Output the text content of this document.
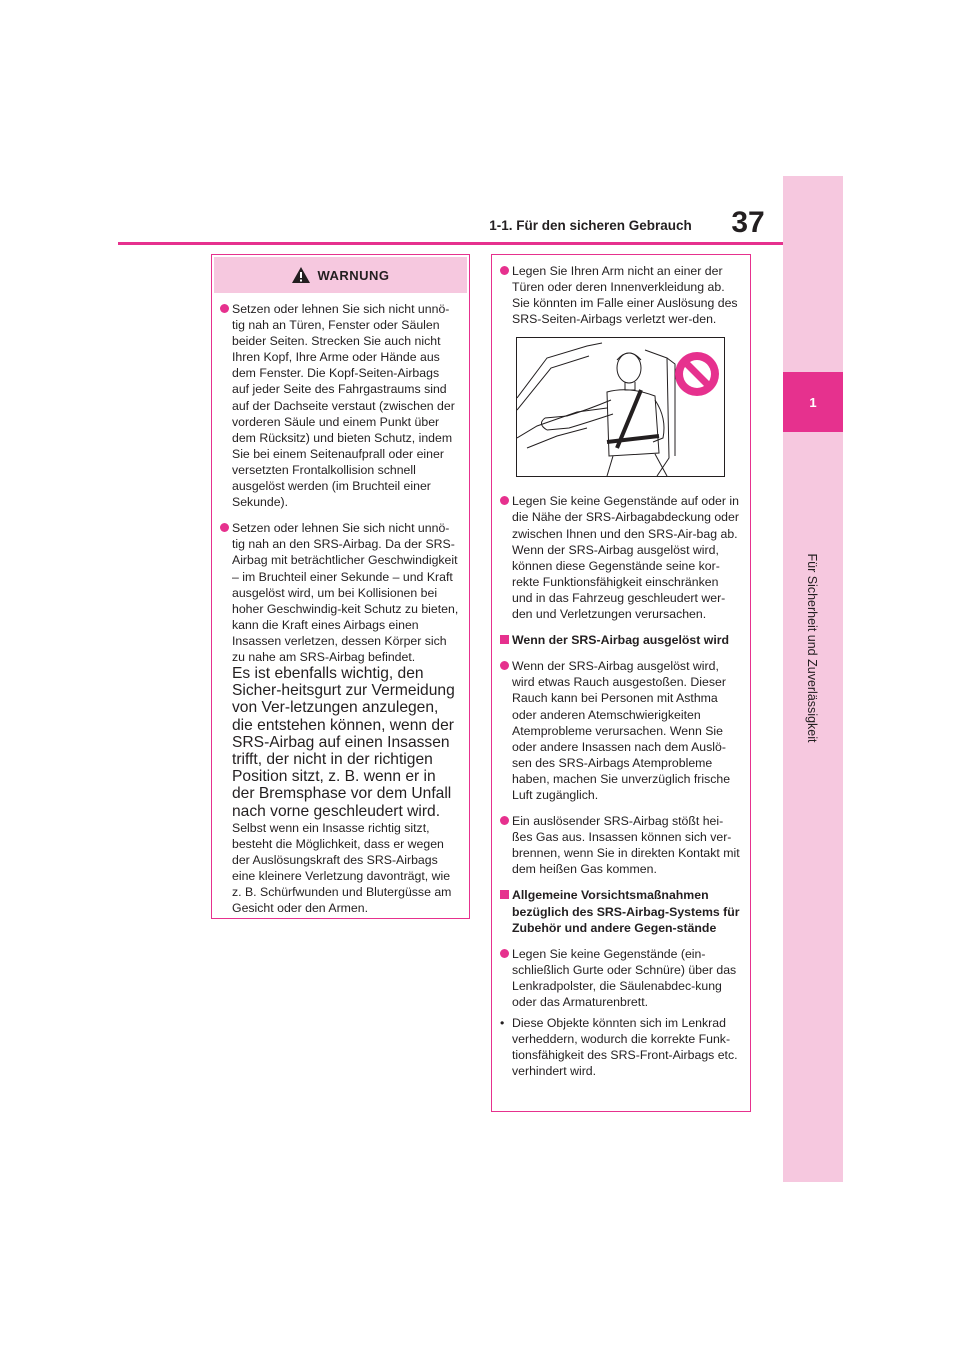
1-1. Für den sicheren Gebrauch	37
1
Für Sicherheit und Zuverlässigkeit
WARNUNG

Setzen oder lehnen Sie sich nicht unnö-tig nah an Türen, Fenster oder Säulen beider Seiten. Strecken Sie auch nicht Ihren Kopf, Ihre Arme oder Hände aus dem Fenster. Die Kopf-Seiten-Airbags auf jeder Seite des Fahrgastraums sind auf der Dachseite verstaut (zwischen der vorderen Säule und einem Punkt über dem Rücksitz) und bieten Schutz, indem Sie bei einem Seitenaufprall oder einer versetzten Frontalkollision schnell ausgelöst werden (im Bruchteil einer Sekunde).

Setzen oder lehnen Sie sich nicht unnö-tig nah an den SRS-Airbag. Da der SRS-Airbag mit beträchtlicher Geschwindigkeit – im Bruchteil einer Sekunde – und Kraft ausgelöst wird, um bei Kollisionen bei hoher Geschwindig-keit Schutz zu bieten, kann die Kraft eines Airbags einen Insassen verletzen, dessen Körper sich zu nahe am SRS-Airbag befindet.

Es ist ebenfalls wichtig, den Sicher-heitsgurt zur Vermeidung von Ver-letzungen anzulegen, die entstehen können, wenn der SRS-Airbag auf einen Insassen trifft, der nicht in der richtigen Position sitzt, z. B. wenn er in der Bremsphase vor dem Unfall nach vorne geschleudert wird.

Selbst wenn ein Insasse richtig sitzt, besteht die Möglichkeit, dass er wegen der Auslösungskraft des SRS-Airbags eine kleinere Verletzung davonträgt, wie z. B. Schürfwunden und Blutergüsse am Gesicht oder den Armen.

Legen Sie Ihren Arm nicht an einer der Türen oder deren Innenverkleidung ab. Sie könnten im Falle einer Auslösung des SRS-Seiten-Airbags verletzt wer-den.

Legen Sie keine Gegenstände auf oder in die Nähe der SRS-Airbagabdeckung oder zwischen Ihnen und den SRS-Air-bag ab.

Wenn der SRS-Airbag ausgelöst wird, können diese Gegenstände seine kor-rekte Funktionsfähigkeit einschränken und in das Fahrzeug geschleudert wer-den und Verletzungen verursachen.

Wenn der SRS-Airbag ausgelöst wird

Wenn der SRS-Airbag ausgelöst wird, wird etwas Rauch ausgestoßen. Dieser Rauch kann bei Personen mit Asthma oder anderen Atemschwierigkeiten Atemprobleme verursachen. Wenn Sie oder andere Insassen nach dem Auslö-sen des SRS-Airbags Atemprobleme haben, machen Sie unverzüglich frische Luft zugänglich.

Ein auslösender SRS-Airbag stößt hei-ßes Gas aus. Insassen können sich ver-brennen, wenn Sie in direkten Kontakt mit dem heißen Gas kommen.

Allgemeine Vorsichtsmaßnahmen bezüglich des SRS-Airbag-Systems für Zubehör und andere Gegen-stände

Legen Sie keine Gegenstände (ein-schließlich Gurte oder Schnüre) über das Lenkradpolster, die Säulenabdec-kung oder das Armaturenbrett.

• Diese Objekte könnten sich im Lenkrad verheddern, wodurch die korrekte Funk-tionsfähigkeit des SRS-Front-Airbags etc. verhindert wird.
